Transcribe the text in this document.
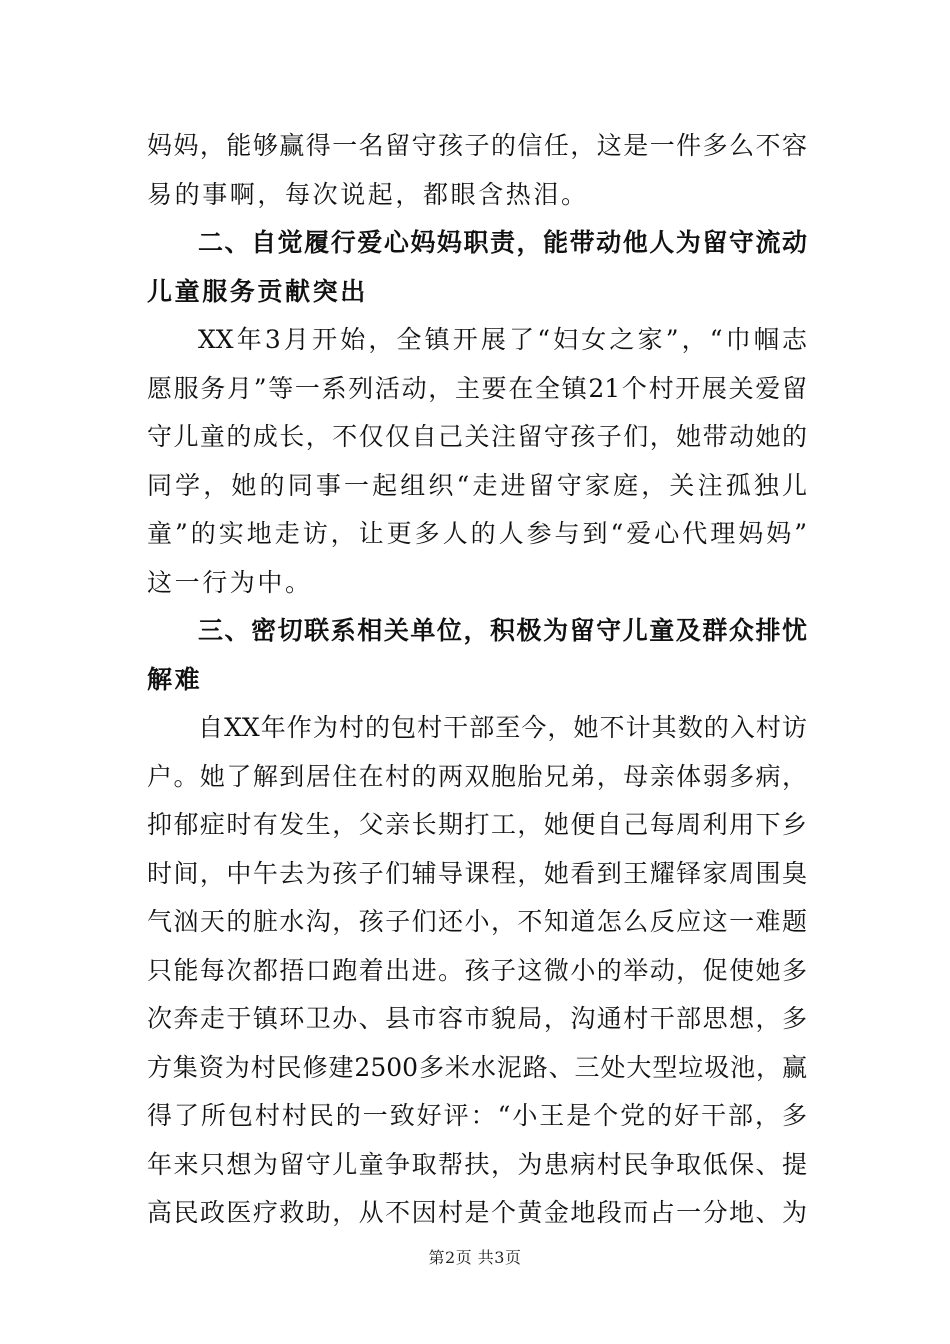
妈妈，能够赢得一名留守孩子的信任，这是一件多么不容
易的事啊，每次说起，都眼含热泪。
二、自觉履行爱心妈妈职责，能带动他人为留守流动
儿童服务贡献突出
XX年3月开始，全镇开展了“妇女之家”，“巾帼志
愿服务月”等一系列活动，主要在全镇21个村开展关爱留
守儿童的成长，不仅仅自己关注留守孩子们，她带动她的
同学，她的同事一起组织“走进留守家庭，关注孤独儿
童”的实地走访，让更多人的人参与到“爱心代理妈妈”
这一行为中。
三、密切联系相关单位，积极为留守儿童及群众排忧
解难
自XX年作为村的包村干部至今，她不计其数的入村访
户。她了解到居住在村的两双胞胎兄弟，母亲体弱多病，
抑郁症时有发生，父亲长期打工，她便自己每周利用下乡
时间，中午去为孩子们辅导课程，她看到王耀铎家周围臭
气汹天的脏水沟，孩子们还小，不知道怎么反应这一难题
只能每次都捂口跑着出进。孩子这微小的举动，促使她多
次奔走于镇环卫办、县市容市貌局，沟通村干部思想，多
方集资为村民修建2500多米水泥路、三处大型垃圾池，赢
得了所包村村民的一致好评：“小王是个党的好干部，多
年来只想为留守儿童争取帮扶，为患病村民争取低保、提
高民政医疗救助，从不因村是个黄金地段而占一分地、为
第2页 共3页
